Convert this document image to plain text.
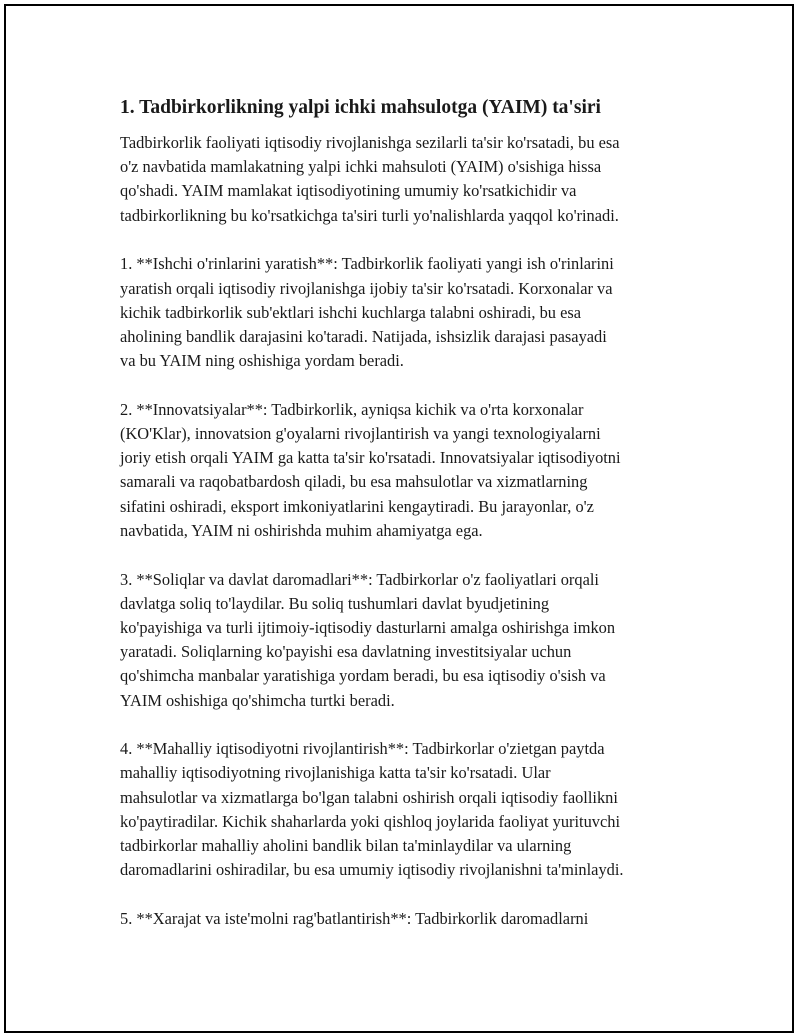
1. Tadbirkorlikning yalpi ichki mahsulotga (YAIM) ta'siri
Tadbirkorlik faoliyati iqtisodiy rivojlanishga sezilarli ta'sir ko'rsatadi, bu esa
o'z navbatida mamlakatning yalpi ichki mahsuloti (YAIM) o'sishiga hissa
qo'shadi. YAIM mamlakat iqtisodiyotining umumiy ko'rsatkichidir va
tadbirkorlikning bu ko'rsatkichga ta'siri turli yo'nalishlarda yaqqol ko'rinadi.
1. **Ishchi o'rinlarini yaratish**: Tadbirkorlik faoliyati yangi ish o'rinlarini
yaratish orqali iqtisodiy rivojlanishga ijobiy ta'sir ko'rsatadi. Korxonalar va
kichik tadbirkorlik sub'ektlari ishchi kuchlarga talabni oshiradi, bu esa
aholining bandlik darajasini ko'taradi. Natijada, ishsizlik darajasi pasayadi
va bu YAIM ning oshishiga yordam beradi.
2. **Innovatsiyalar**: Tadbirkorlik, ayniqsa kichik va o'rta korxonalar
(KO'Klar), innovatsion g'oyalarni rivojlantirish va yangi texnologiyalarni
joriy etish orqali YAIM ga katta ta'sir ko'rsatadi. Innovatsiyalar iqtisodiyotni
samarali va raqobatbardosh qiladi, bu esa mahsulotlar va xizmatlarning
sifatini oshiradi, eksport imkoniyatlarini kengaytiradi. Bu jarayonlar, o'z
navbatida, YAIM ni oshirishda muhim ahamiyatga ega.
3. **Soliqlar va davlat daromadlari**: Tadbirkorlar o'z faoliyatlari orqali
davlatga soliq to'laydilar. Bu soliq tushumlari davlat byudjetining
ko'payishiga va turli ijtimoiy-iqtisodiy dasturlarni amalga oshirishga imkon
yaratadi. Soliqlarning ko'payishi esa davlatning investitsiyalar uchun
qo'shimcha manbalar yaratishiga yordam beradi, bu esa iqtisodiy o'sish va
YAIM oshishiga qo'shimcha turtki beradi.
4. **Mahalliy iqtisodiyotni rivojlantirish**: Tadbirkorlar o'zietgan paytda
mahalliy iqtisodiyotning rivojlanishiga katta ta'sir ko'rsatadi. Ular
mahsulotlar va xizmatlarga bo'lgan talabni oshirish orqali iqtisodiy faollikni
ko'paytiradilar. Kichik shaharlarda yoki qishloq joylarida faoliyat yurituvchi
tadbirkorlar mahalliy aholini bandlik bilan ta'minlaydilar va ularning
daromadlarini oshiradilar, bu esa umumiy iqtisodiy rivojlanishni ta'minlaydi.
5. **Xarajat va iste'molni rag'batlantirish**: Tadbirkorlik daromadlarni
